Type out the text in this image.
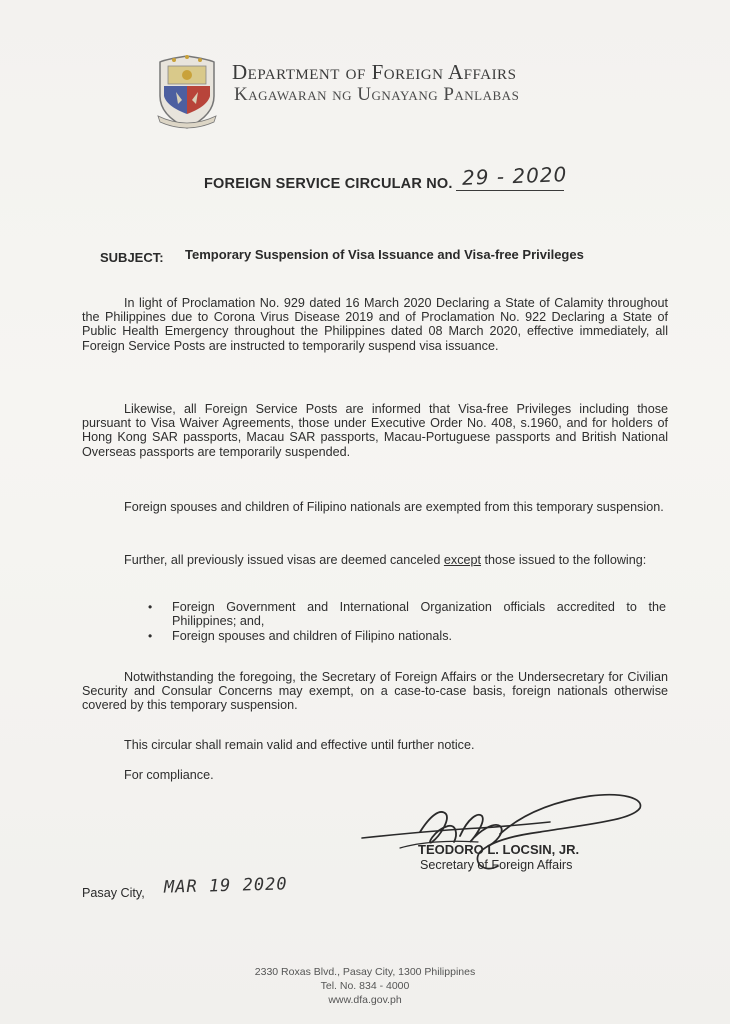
Department of Foreign Affairs
Kagawaran ng Ugnayang Panlabas
FOREIGN SERVICE CIRCULAR NO. 29 - 2020
SUBJECT: Temporary Suspension of Visa Issuance and Visa-free Privileges
In light of Proclamation No. 929 dated 16 March 2020 Declaring a State of Calamity throughout the Philippines due to Corona Virus Disease 2019 and of Proclamation No. 922 Declaring a State of Public Health Emergency throughout the Philippines dated 08 March 2020, effective immediately, all Foreign Service Posts are instructed to temporarily suspend visa issuance.
Likewise, all Foreign Service Posts are informed that Visa-free Privileges including those pursuant to Visa Waiver Agreements, those under Executive Order No. 408, s.1960, and for holders of Hong Kong SAR passports, Macau SAR passports, Macau-Portuguese passports and British National Overseas passports are temporarily suspended.
Foreign spouses and children of Filipino nationals are exempted from this temporary suspension.
Further, all previously issued visas are deemed canceled except those issued to the following:
• Foreign Government and International Organization officials accredited to the Philippines; and,
• Foreign spouses and children of Filipino nationals.
Notwithstanding the foregoing, the Secretary of Foreign Affairs or the Undersecretary for Civilian Security and Consular Concerns may exempt, on a case-to-case basis, foreign nationals otherwise covered by this temporary suspension.
This circular shall remain valid and effective until further notice.
For compliance.
TEODORO L. LOCSIN, JR.
Secretary of Foreign Affairs
Pasay City, MAR 19 2020
2330 Roxas Blvd., Pasay City, 1300 Philippines
Tel. No. 834 - 4000
www.dfa.gov.ph
